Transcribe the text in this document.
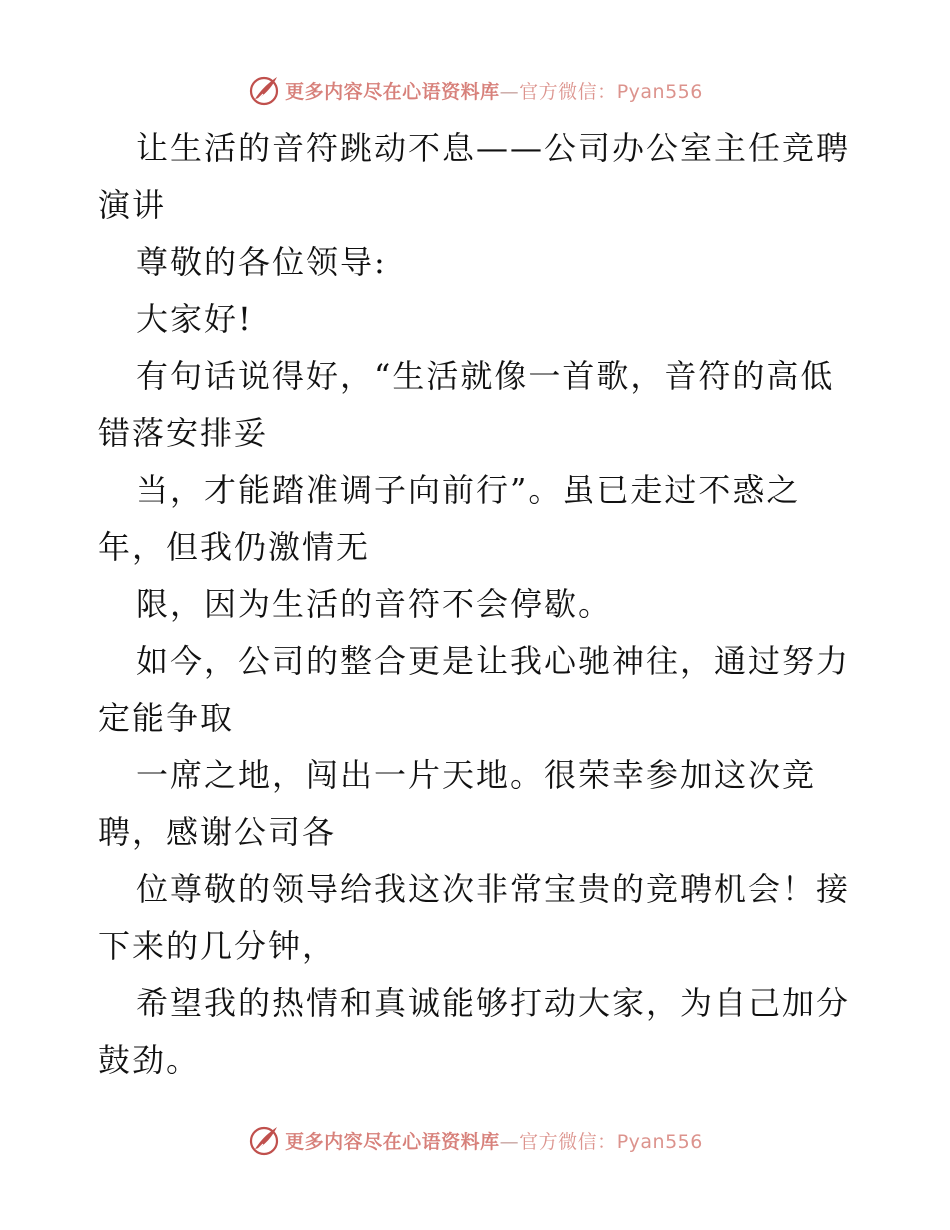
更多内容尽在心语资料库—官方微信：Pyan556

让生活的音符跳动不息——公司办公室主任竞聘

演讲

尊敬的各位领导:

大家好!

有句话说得好，“生活就像一首歌，音符的高低

错落安排妥

当，才能踏准调子向前行”。虽已走过不惑之

年，但我仍激情无

限，因为生活的音符不会停歇。

如今，公司的整合更是让我心驰神往，通过努力

定能争取

一席之地，闯出一片天地。很荣幸参加这次竞

聘，感谢公司各

位尊敬的领导给我这次非常宝贵的竞聘机会！接

下来的几分钟，

希望我的热情和真诚能够打动大家，为自己加分

鼓劲。

更多内容尽在心语资料库—官方微信：Pyan556
